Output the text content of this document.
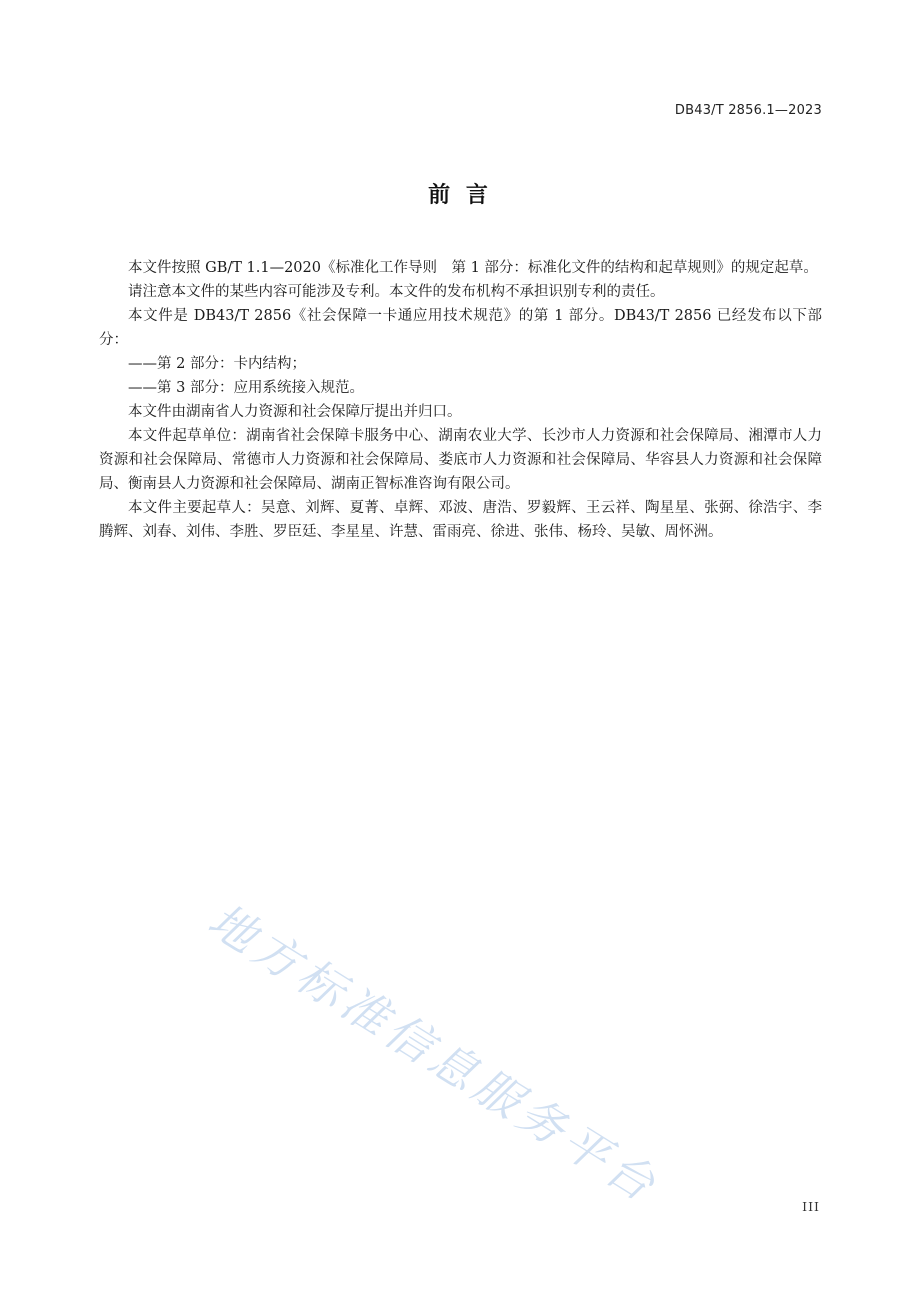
DB43/T 2856.1—2023
前 言

本文件按照 GB/T 1.1—2020《标准化工作导则　第 1 部分：标准化文件的结构和起草规则》的规定起草。

请注意本文件的某些内容可能涉及专利。本文件的发布机构不承担识别专利的责任。

本文件是 DB43/T 2856《社会保障一卡通应用技术规范》的第 1 部分。DB43/T 2856 已经发布以下部分：

——第 2 部分：卡内结构；

——第 3 部分：应用系统接入规范。

本文件由湖南省人力资源和社会保障厅提出并归口。

本文件起草单位：湖南省社会保障卡服务中心、湖南农业大学、长沙市人力资源和社会保障局、湘潭市人力资源和社会保障局、常德市人力资源和社会保障局、娄底市人力资源和社会保障局、华容县人力资源和社会保障局、衡南县人力资源和社会保障局、湖南正智标准咨询有限公司。

本文件主要起草人：吴意、刘辉、夏菁、卓辉、邓波、唐浩、罗毅辉、王云祥、陶星星、张弼、徐浩宇、李腾辉、刘春、刘伟、李胜、罗臣廷、李星星、许慧、雷雨亮、徐进、张伟、杨玲、吴敏、周怀洲。

地方标准信息服务平台	III
